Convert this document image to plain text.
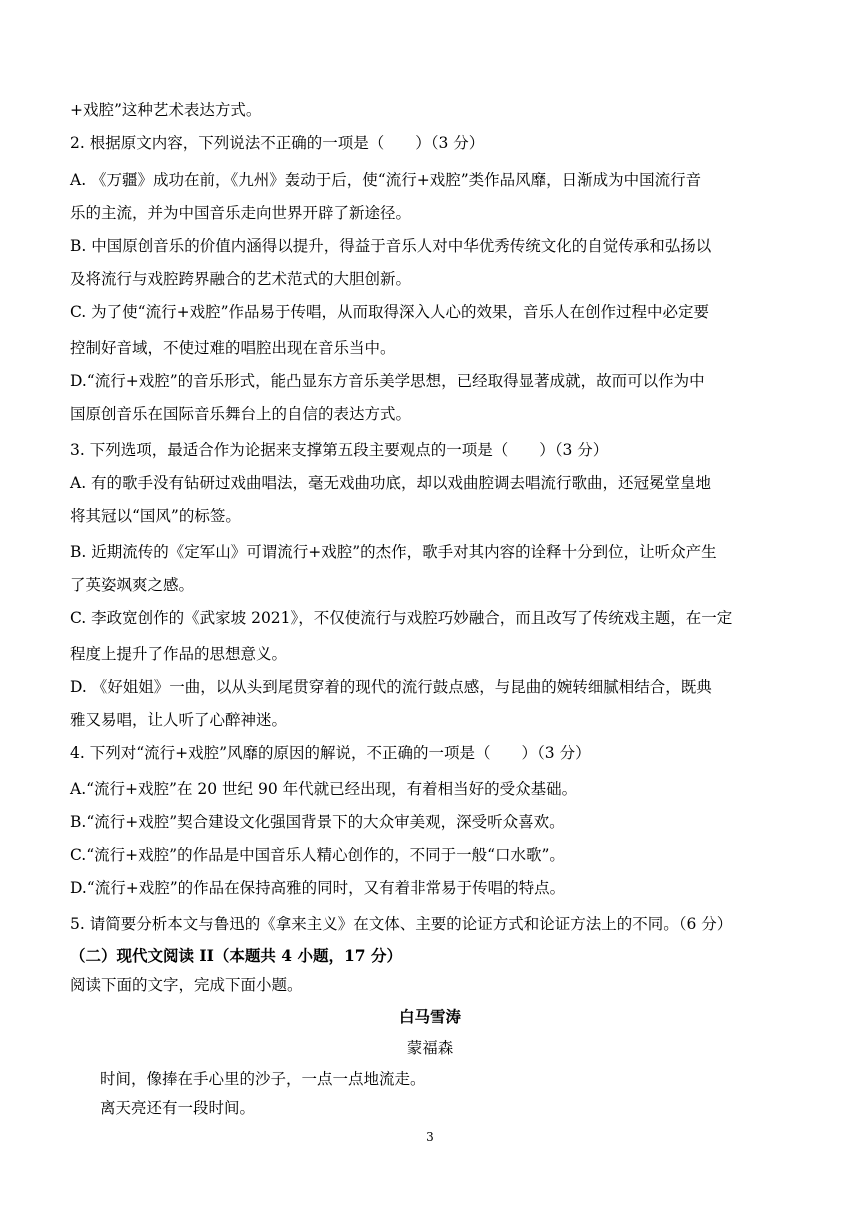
+戏腔”这种艺术表达方式。
2. 根据原文内容，下列说法不正确的一项是（　　）（3 分）
A. 《万疆》成功在前，《九州》轰动于后，使“流行+戏腔”类作品风靡，日渐成为中国流行音
乐的主流，并为中国音乐走向世界开辟了新途径。
B. 中国原创音乐的价值内涵得以提升，得益于音乐人对中华优秀传统文化的自觉传承和弘扬以
及将流行与戏腔跨界融合的艺术范式的大胆创新。
C. 为了使“流行+戏腔”作品易于传唱，从而取得深入人心的效果，音乐人在创作过程中必定要
控制好音域，不使过难的唱腔出现在音乐当中。
D.“流行+戏腔”的音乐形式，能凸显东方音乐美学思想，已经取得显著成就，故而可以作为中
国原创音乐在国际音乐舞台上的自信的表达方式。
3. 下列选项，最适合作为论据来支撑第五段主要观点的一项是（　　）（3 分）
A. 有的歌手没有钻研过戏曲唱法，毫无戏曲功底，却以戏曲腔调去唱流行歌曲，还冠冕堂皇地
将其冠以“国风”的标签。
B. 近期流传的《定军山》可谓流行+戏腔”的杰作，歌手对其内容的诠释十分到位，让听众产生
了英姿飒爽之感。
C. 李政宽创作的《武家坡 2021》，不仅使流行与戏腔巧妙融合，而且改写了传统戏主题，在一定
程度上提升了作品的思想意义。
D. 《好姐姐》一曲，以从头到尾贯穿着的现代的流行鼓点感，与昆曲的婉转细腻相结合，既典
雅又易唱，让人听了心醉神迷。
4. 下列对“流行+戏腔”风靡的原因的解说，不正确的一项是（　　）（3 分）
A.“流行+戏腔”在 20 世纪 90 年代就已经出现，有着相当好的受众基础。
B.“流行+戏腔”契合建设文化强国背景下的大众审美观，深受听众喜欢。
C.“流行+戏腔”的作品是中国音乐人精心创作的，不同于一般“口水歌”。
D.“流行+戏腔”的作品在保持高雅的同时，又有着非常易于传唱的特点。
5. 请简要分析本文与鲁迅的《拿来主义》在文体、主要的论证方式和论证方法上的不同。（6 分）
（二）现代文阅读 II（本题共 4 小题，17 分）
阅读下面的文字，完成下面小题。
白马雪涛
蒙福森
时间，像捧在手心里的沙子，一点一点地流走。
离天亮还有一段时间。
3
